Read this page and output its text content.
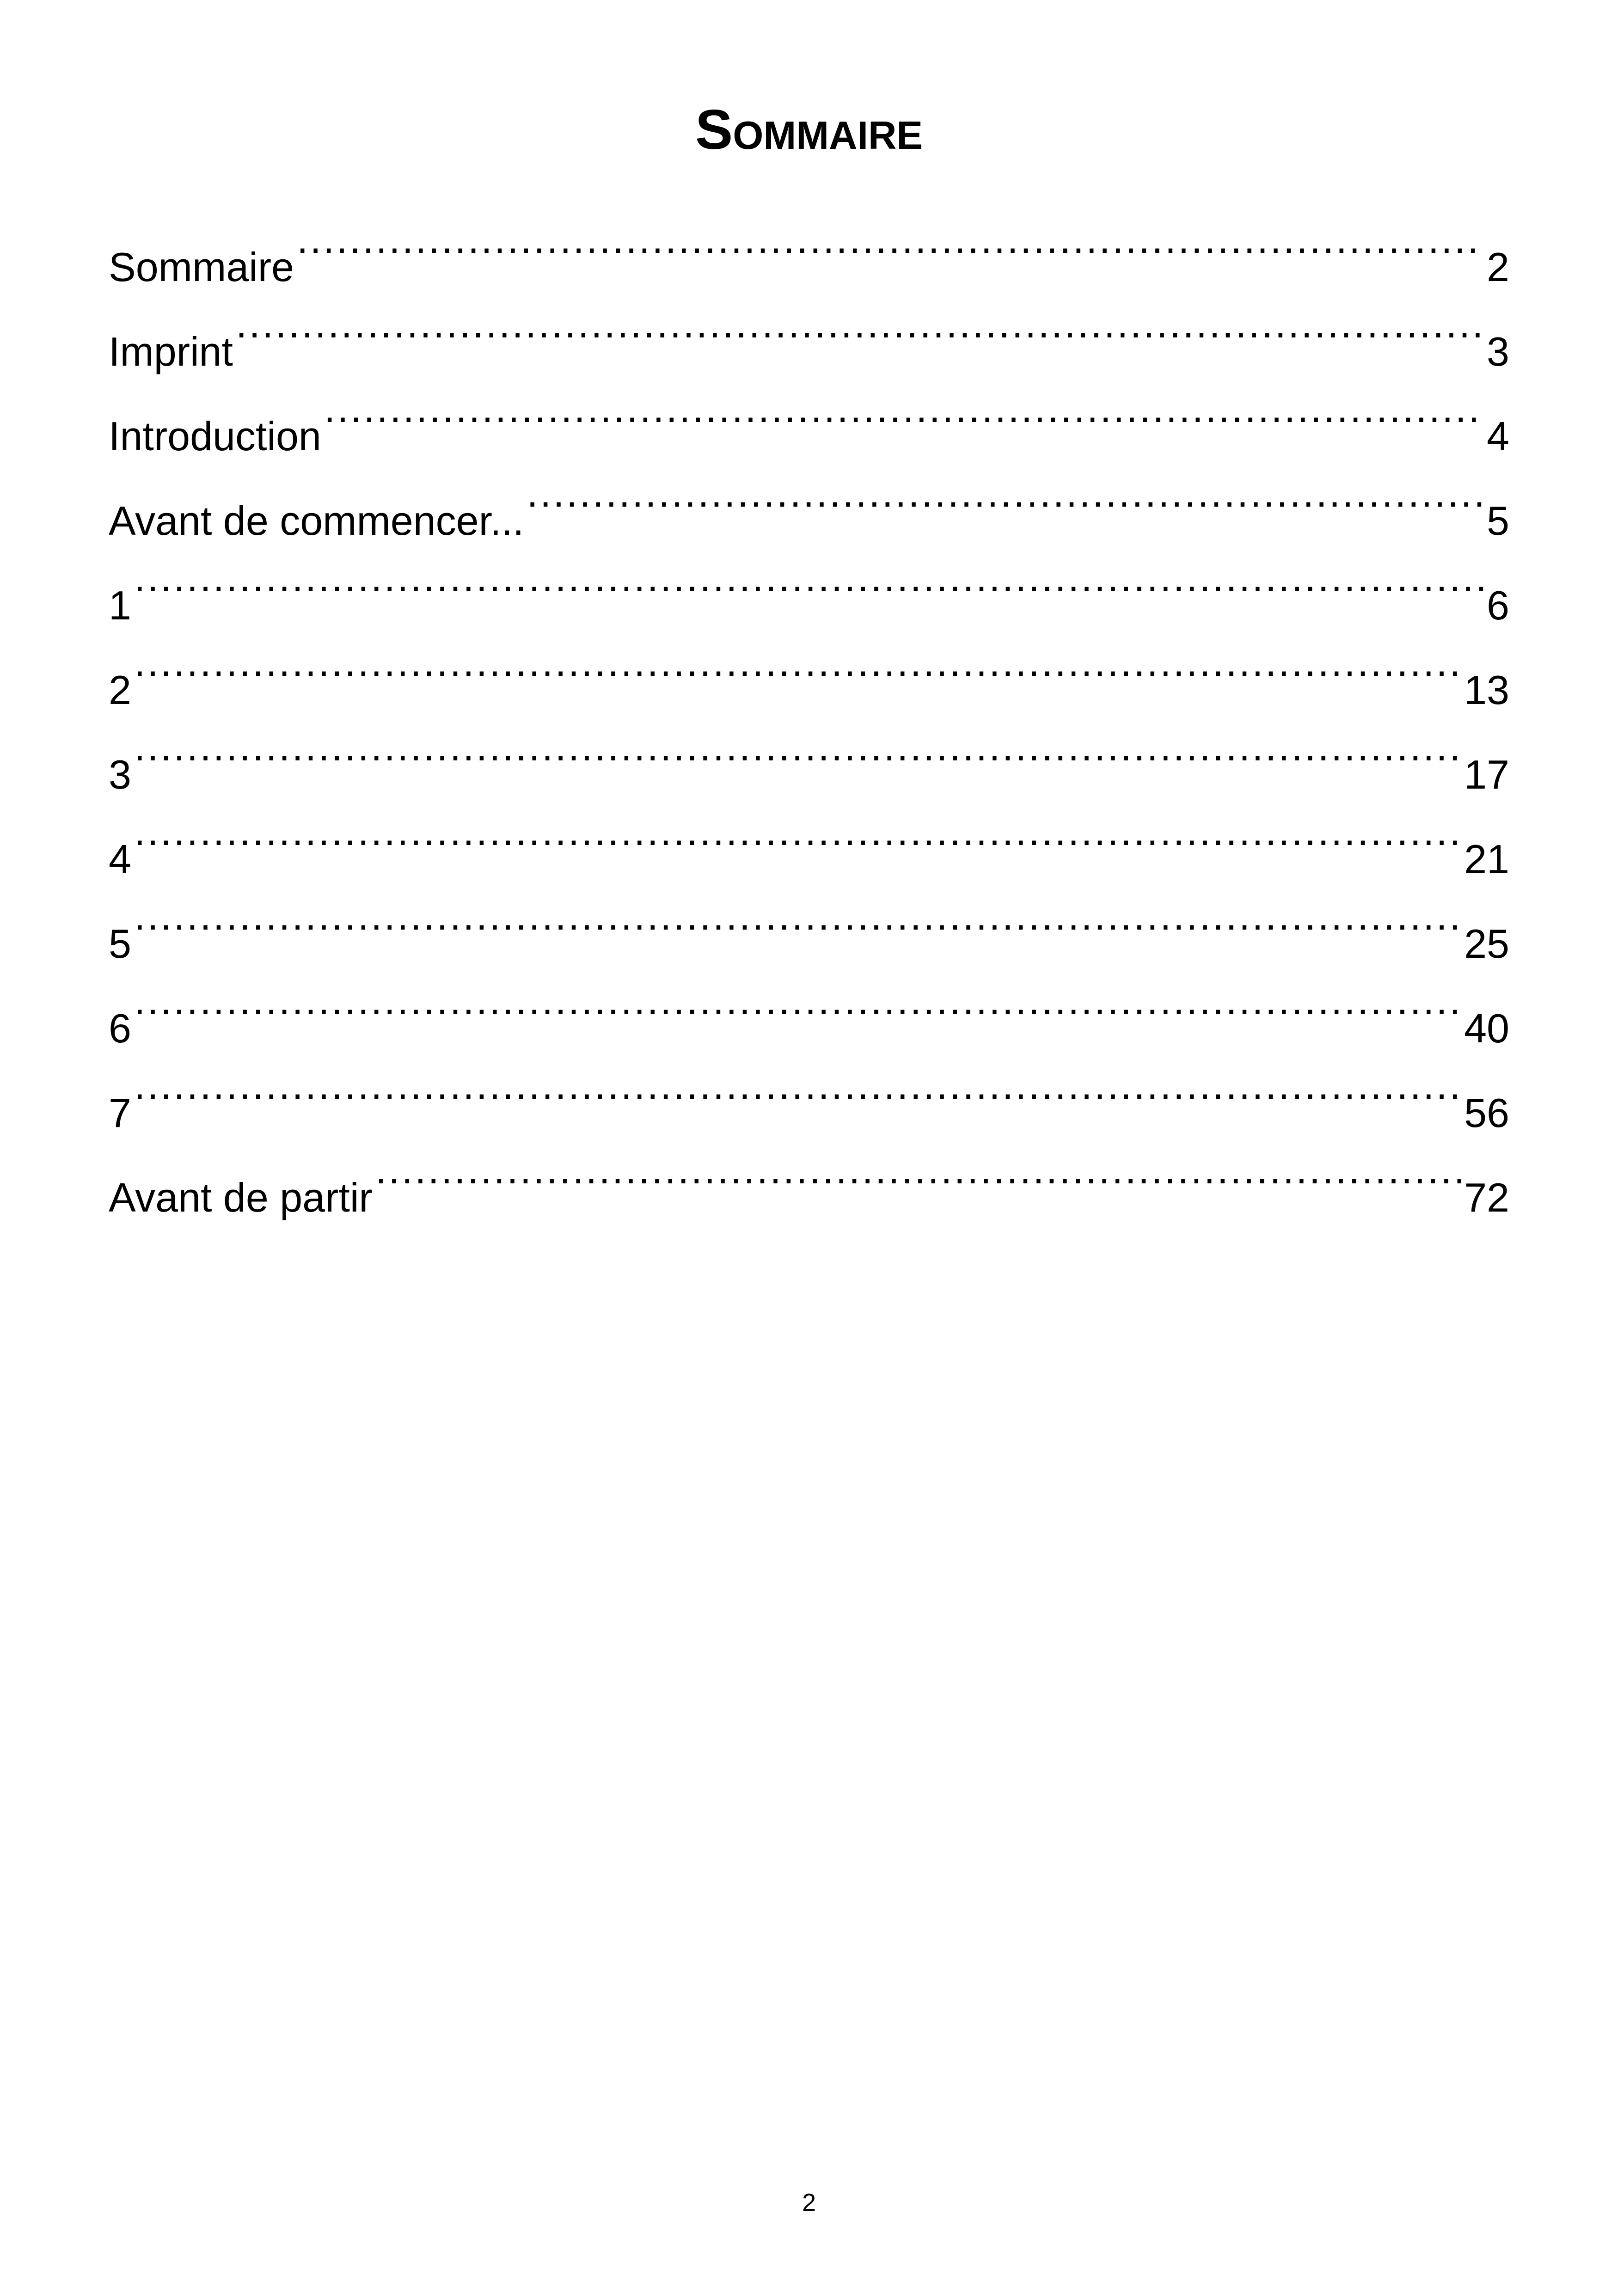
Sommaire
Sommaire .....	2
Imprint .....	3
Introduction .....	4
Avant de commencer... .....	5
1 .....	6
2 .....	13
3 .....	17
4 .....	21
5 .....	25
6 .....	40
7 .....	56
Avant de partir .....	72
2
